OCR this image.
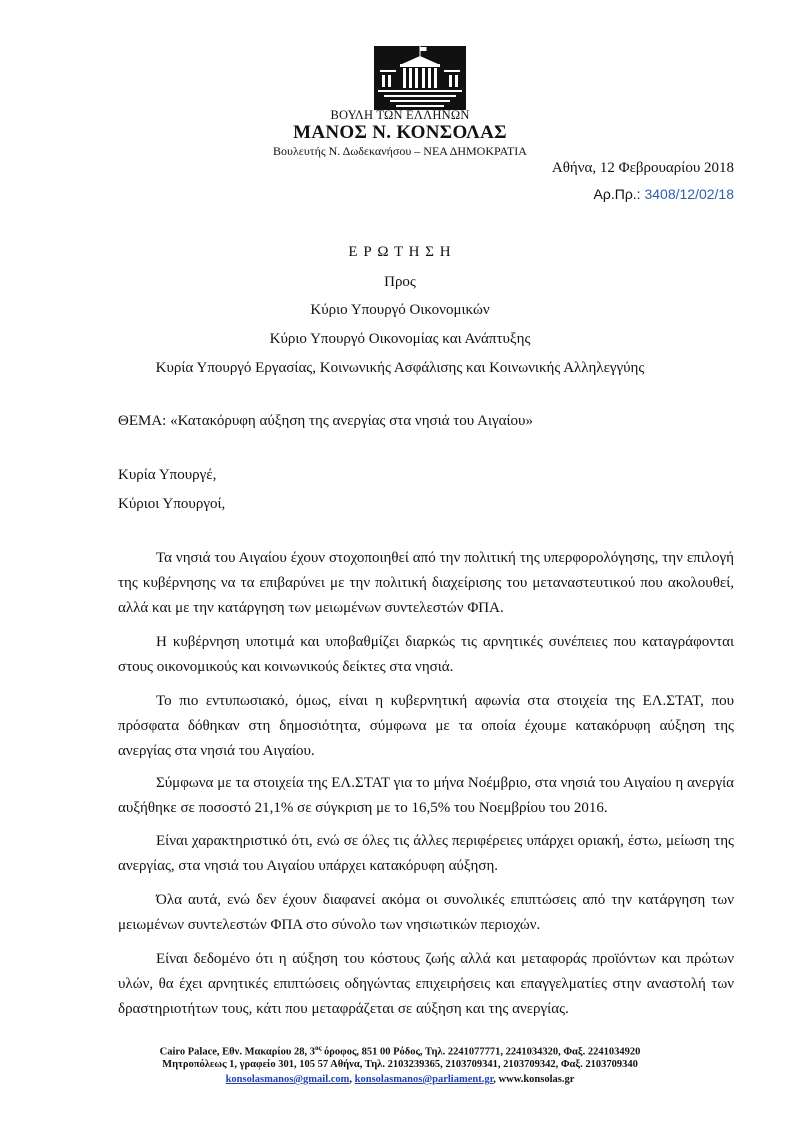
ΒΟΥΛΗ ΤΩΝ ΕΛΛΗΝΩΝ
ΜΑΝΟΣ Ν. ΚΟΝΣΟΛΑΣ
Βουλευτής Ν. Δωδεκανήσου – ΝΕΑ ΔΗΜΟΚΡΑΤΙΑ
Αθήνα, 12 Φεβρουαρίου 2018
Αρ.Πρ.: 3408/12/02/18
Ε Ρ Ω Τ Η Σ Η
Προς
Κύριο Υπουργό Οικονομικών
Κύριο Υπουργό Οικονομίας και Ανάπτυξης
Κυρία Υπουργό Εργασίας, Κοινωνικής Ασφάλισης και Κοινωνικής Αλληλεγγύης
ΘΕΜΑ: «Κατακόρυφη αύξηση της ανεργίας στα νησιά του Αιγαίου»
Κυρία Υπουργέ,
Κύριοι Υπουργοί,
Τα νησιά του Αιγαίου έχουν στοχοποιηθεί από την πολιτική της υπερφορολόγησης, την επιλογή της κυβέρνησης να τα επιβαρύνει με την πολιτική διαχείρισης του μεταναστευτικού που ακολουθεί, αλλά και με την κατάργηση των μειωμένων συντελεστών ΦΠΑ.
Η κυβέρνηση υποτιμά και υποβαθμίζει διαρκώς τις αρνητικές συνέπειες που καταγράφονται στους οικονομικούς και κοινωνικούς δείκτες στα νησιά.
Το πιο εντυπωσιακό, όμως, είναι η κυβερνητική αφωνία στα στοιχεία της ΕΛ.ΣΤΑΤ, που πρόσφατα δόθηκαν στη δημοσιότητα, σύμφωνα με τα οποία έχουμε κατακόρυφη αύξηση της ανεργίας στα νησιά του Αιγαίου.
Σύμφωνα με τα στοιχεία της ΕΛ.ΣΤΑΤ για το μήνα Νοέμβριο, στα νησιά του Αιγαίου η ανεργία αυξήθηκε σε ποσοστό 21,1% σε σύγκριση με το 16,5% του Νοεμβρίου του 2016.
Είναι χαρακτηριστικό ότι, ενώ σε όλες τις άλλες περιφέρειες υπάρχει οριακή, έστω, μείωση της ανεργίας, στα νησιά του Αιγαίου υπάρχει κατακόρυφη αύξηση.
Όλα αυτά, ενώ δεν έχουν διαφανεί ακόμα οι συνολικές επιπτώσεις από την κατάργηση των μειωμένων συντελεστών ΦΠΑ στο σύνολο των νησιωτικών περιοχών.
Είναι δεδομένο ότι η αύξηση του κόστους ζωής αλλά και μεταφοράς προϊόντων και πρώτων υλών, θα έχει αρνητικές επιπτώσεις οδηγώντας επιχειρήσεις και επαγγελματίες στην αναστολή των δραστηριοτήτων τους, κάτι που μεταφράζεται σε αύξηση και της ανεργίας.
Cairo Palace, Εθν. Μακαρίου 28, $3^{o\varsigma}$ όροφος, 851 00 Ρόδος, Τηλ. 2241077771, 2241034320, Φαξ. 2241034920
Μητροπόλεως 1, γραφείο 301, 105 57 Αθήνα, Τηλ. 2103239365, 2103709341, 2103709342, Φαξ. 2103709340
konsolasmanos@gmail.com, konsolasmanos@parliament.gr, www.konsolas.gr
